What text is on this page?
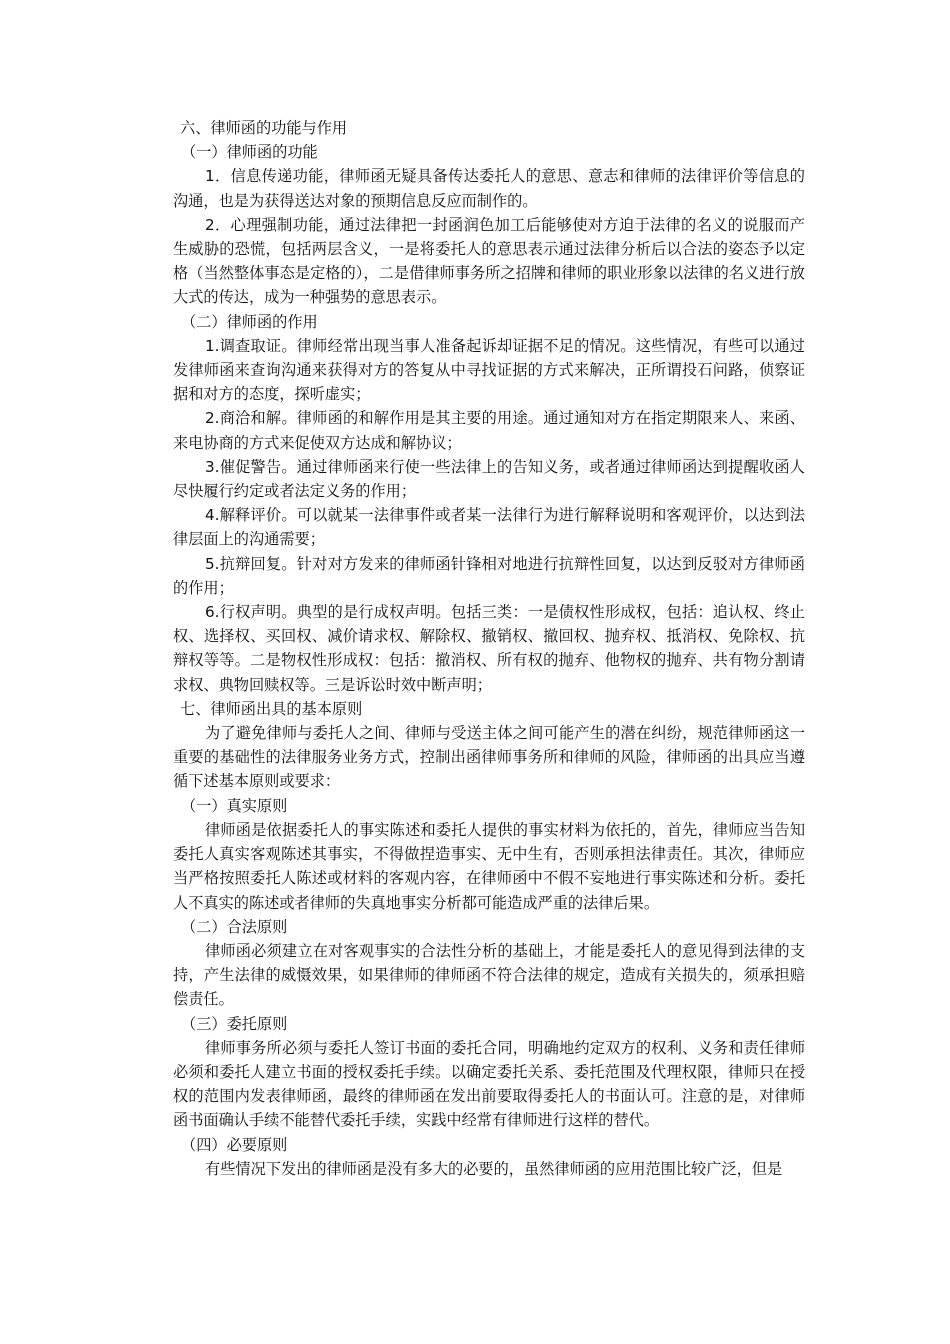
六、律师函的功能与作用

（一）律师函的功能

1．信息传递功能，律师函无疑具备传达委托人的意思、意志和律师的法律评价等信息的沟通，也是为获得送达对象的预期信息反应而制作的。

2．心理强制功能，通过法律把一封函润色加工后能够使对方迫于法律的名义的说服而产生威胁的恐慌，包括两层含义，一是将委托人的意思表示通过法律分析后以合法的姿态予以定格（当然整体事态是定格的），二是借律师事务所之招牌和律师的职业形象以法律的名义进行放大式的传达，成为一种强势的意思表示。

（二）律师函的作用

1.调查取证。律师经常出现当事人准备起诉却证据不足的情况。这些情况，有些可以通过发律师函来查询沟通来获得对方的答复从中寻找证据的方式来解决，正所谓投石问路，侦察证据和对方的态度，探听虚实；

2.商洽和解。律师函的和解作用是其主要的用途。通过通知对方在指定期限来人、来函、来电协商的方式来促使双方达成和解协议；

3.催促警告。通过律师函来行使一些法律上的告知义务，或者通过律师函达到提醒收函人尽快履行约定或者法定义务的作用；

4.解释评价。可以就某一法律事件或者某一法律行为进行解释说明和客观评价，以达到法律层面上的沟通需要；

5.抗辩回复。针对对方发来的律师函针锋相对地进行抗辩性回复，以达到反驳对方律师函的作用；

6.行权声明。典型的是行成权声明。包括三类：一是债权性形成权，包括：追认权、终止权、选择权、买回权、减价请求权、解除权、撤销权、撤回权、抛弃权、抵消权、免除权、抗辩权等等。二是物权性形成权：包括：撤消权、所有权的抛弃、他物权的抛弃、共有物分割请求权、典物回赎权等。三是诉讼时效中断声明；

七、律师函出具的基本原则

为了避免律师与委托人之间、律师与受送主体之间可能产生的潜在纠纷，规范律师函这一重要的基础性的法律服务业务方式，控制出函律师事务所和律师的风险，律师函的出具应当遵循下述基本原则或要求：

（一）真实原则

律师函是依据委托人的事实陈述和委托人提供的事实材料为依托的，首先，律师应当告知委托人真实客观陈述其事实，不得做捏造事实、无中生有，否则承担法律责任。其次，律师应当严格按照委托人陈述或材料的客观内容，在律师函中不假不妄地进行事实陈述和分析。委托人不真实的陈述或者律师的失真地事实分析都可能造成严重的法律后果。

（二）合法原则

律师函必须建立在对客观事实的合法性分析的基础上，才能是委托人的意见得到法律的支持，产生法律的威慑效果，如果律师的律师函不符合法律的规定，造成有关损失的，须承担赔偿责任。

（三）委托原则

律师事务所必须与委托人签订书面的委托合同，明确地约定双方的权利、义务和责任律师必须和委托人建立书面的授权委托手续。以确定委托关系、委托范围及代理权限，律师只在授权的范围内发表律师函，最终的律师函在发出前要取得委托人的书面认可。注意的是，对律师函书面确认手续不能替代委托手续，实践中经常有律师进行这样的替代。

（四）必要原则

有些情况下发出的律师函是没有多大的必要的，虽然律师函的应用范围比较广泛，但是
